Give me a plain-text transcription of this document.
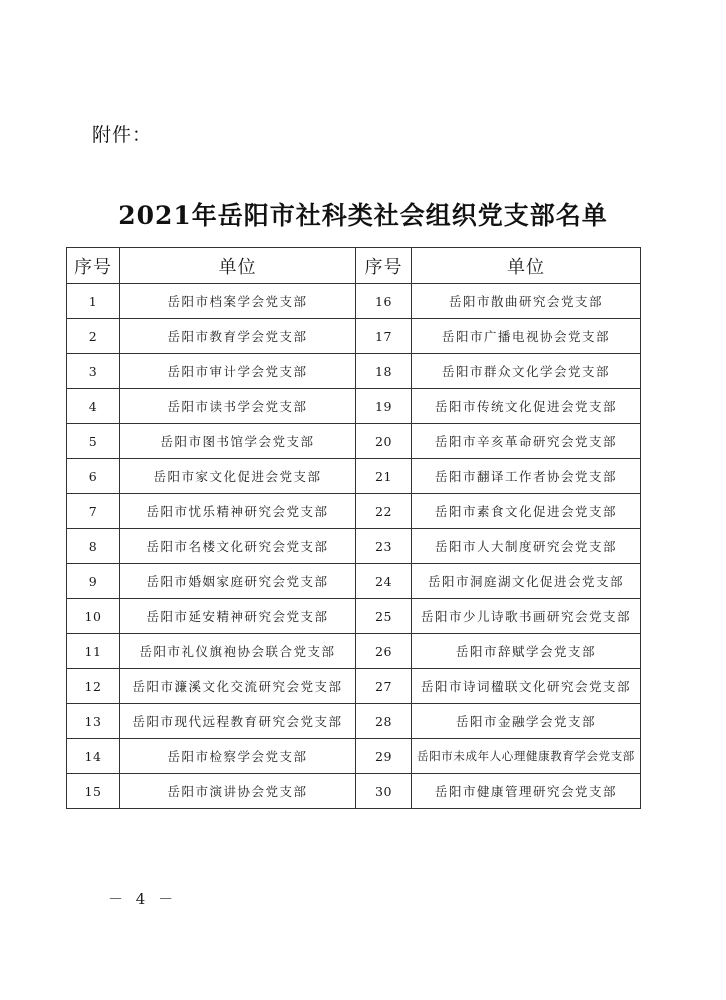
附件：
2021年岳阳市社科类社会组织党支部名单
序号	单位	序号	单位
1	岳阳市档案学会党支部	16	岳阳市散曲研究会党支部
2	岳阳市教育学会党支部	17	岳阳市广播电视协会党支部
3	岳阳市审计学会党支部	18	岳阳市群众文化学会党支部
4	岳阳市读书学会党支部	19	岳阳市传统文化促进会党支部
5	岳阳市图书馆学会党支部	20	岳阳市辛亥革命研究会党支部
6	岳阳市家文化促进会党支部	21	岳阳市翻译工作者协会党支部
7	岳阳市忧乐精神研究会党支部	22	岳阳市素食文化促进会党支部
8	岳阳市名楼文化研究会党支部	23	岳阳市人大制度研究会党支部
9	岳阳市婚姻家庭研究会党支部	24	岳阳市洞庭湖文化促进会党支部
10	岳阳市延安精神研究会党支部	25	岳阳市少儿诗歌书画研究会党支部
11	岳阳市礼仪旗袍协会联合党支部	26	岳阳市辞赋学会党支部
12	岳阳市濂溪文化交流研究会党支部	27	岳阳市诗词楹联文化研究会党支部
13	岳阳市现代远程教育研究会党支部	28	岳阳市金融学会党支部
14	岳阳市检察学会党支部	29	岳阳市未成年人心理健康教育学会党支部
15	岳阳市演讲协会党支部	30	岳阳市健康管理研究会党支部
－ 4 －
